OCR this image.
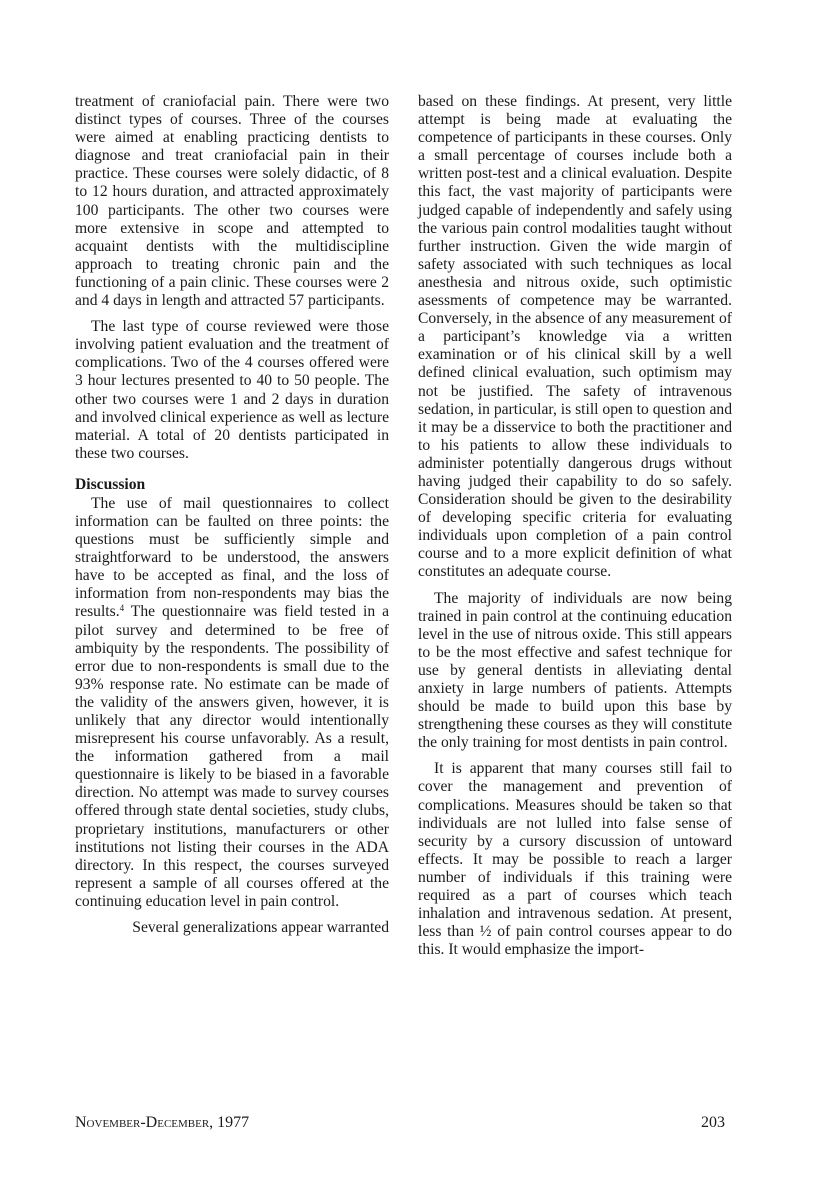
treatment of craniofacial pain. There were two distinct types of courses. Three of the courses were aimed at enabling practicing dentists to diagnose and treat craniofacial pain in their practice. These courses were solely didactic, of 8 to 12 hours duration, and attracted approximately 100 participants. The other two courses were more extensive in scope and attempted to acquaint dentists with the multidiscipline approach to treating chronic pain and the functioning of a pain clinic. These courses were 2 and 4 days in length and attracted 57 participants.

The last type of course reviewed were those involving patient evaluation and the treatment of complications. Two of the 4 courses offered were 3 hour lectures presented to 40 to 50 people. The other two courses were 1 and 2 days in duration and involved clinical experience as well as lecture material. A total of 20 dentists participated in these two courses.

Discussion

The use of mail questionnaires to collect information can be faulted on three points: the questions must be sufficiently simple and straightforward to be understood, the answers have to be accepted as final, and the loss of information from non-respondents may bias the results.$^4$ The questionnaire was field tested in a pilot survey and determined to be free of ambiquity by the respondents. The possibility of error due to non-respondents is small due to the 93% response rate. No estimate can be made of the validity of the answers given, however, it is unlikely that any director would intentionally misrepresent his course unfavorably. As a result, the information gathered from a mail questionnaire is likely to be biased in a favorable direction. No attempt was made to survey courses offered through state dental societies, study clubs, proprietary institutions, manufacturers or other institutions not listing their courses in the ADA directory. In this respect, the courses surveyed represent a sample of all courses offered at the continuing education level in pain control.

Several generalizations appear warranted

based on these findings. At present, very little attempt is being made at evaluating the competence of participants in these courses. Only a small percentage of courses include both a written post-test and a clinical evaluation. Despite this fact, the vast majority of participants were judged capable of independently and safely using the various pain control modalities taught without further instruction. Given the wide margin of safety associated with such techniques as local anesthesia and nitrous oxide, such optimistic asessments of competence may be warranted. Conversely, in the absence of any measurement of a participant’s knowledge via a written examination or of his clinical skill by a well defined clinical evaluation, such optimism may not be justified. The safety of intravenous sedation, in particular, is still open to question and it may be a disservice to both the practitioner and to his patients to allow these individuals to administer potentially dangerous drugs without having judged their capability to do so safely. Consideration should be given to the desirability of developing specific criteria for evaluating individuals upon completion of a pain control course and to a more explicit definition of what constitutes an adequate course.

The majority of individuals are now being trained in pain control at the continuing education level in the use of nitrous oxide. This still appears to be the most effective and safest technique for use by general dentists in alleviating dental anxiety in large numbers of patients. Attempts should be made to build upon this base by strengthening these courses as they will constitute the only training for most dentists in pain control.

It is apparent that many courses still fail to cover the management and prevention of complications. Measures should be taken so that individuals are not lulled into false sense of security by a cursory discussion of untoward effects. It may be possible to reach a larger number of individuals if this training were required as a part of courses which teach inhalation and intravenous sedation. At present, less than ½ of pain control courses appear to do this. It would emphasize the import-

November-December, 1977	203
